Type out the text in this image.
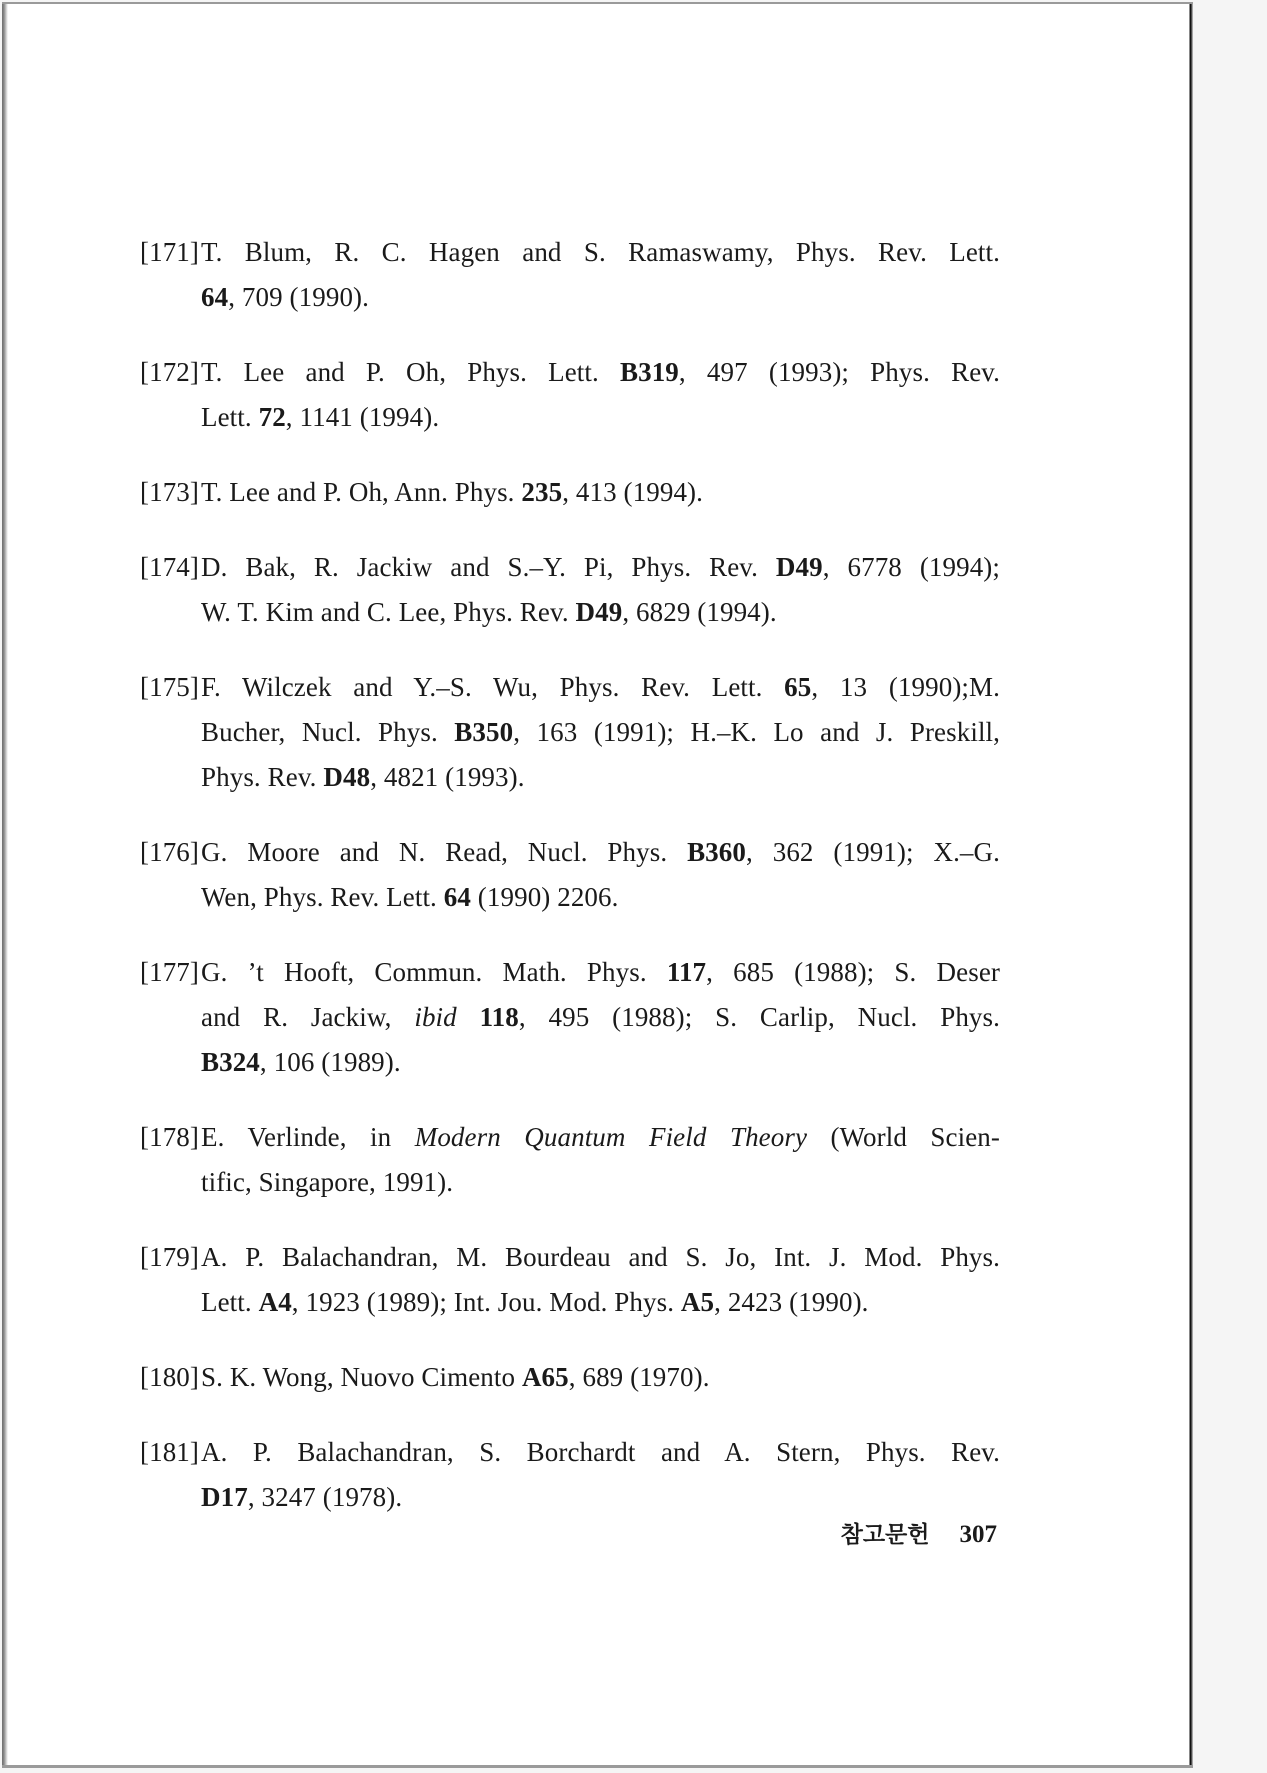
[171]T. Blum, R. C. Hagen and S. Ramaswamy, Phys. Rev. Lett.
64, 709 (1990).
[172]T. Lee and P. Oh, Phys. Lett. B319, 497 (1993); Phys. Rev.
Lett. 72, 1141 (1994).
[173]T. Lee and P. Oh, Ann. Phys. 235, 413 (1994).
[174]D. Bak, R. Jackiw and S.–Y. Pi, Phys. Rev. D49, 6778 (1994);
W. T. Kim and C. Lee, Phys. Rev. D49, 6829 (1994).
[175]F. Wilczek and Y.–S. Wu, Phys. Rev. Lett. 65, 13 (1990);M.
Bucher, Nucl. Phys. B350, 163 (1991); H.–K. Lo and J. Preskill,
Phys. Rev. D48, 4821 (1993).
[176]G. Moore and N. Read, Nucl. Phys. B360, 362 (1991); X.–G.
Wen, Phys. Rev. Lett. 64 (1990) 2206.
[177]G. ’t Hooft, Commun. Math. Phys. 117, 685 (1988); S. Deser
and R. Jackiw, ibid 118, 495 (1988); S. Carlip, Nucl. Phys.
B324, 106 (1989).
[178]E. Verlinde, in Modern Quantum Field Theory (World Scien-
tific, Singapore, 1991).
[179]A. P. Balachandran, M. Bourdeau and S. Jo, Int. J. Mod. Phys.
Lett. A4, 1923 (1989); Int. Jou. Mod. Phys. A5, 2423 (1990).
[180]S. K. Wong, Nuovo Cimento A65, 689 (1970).
[181]A. P. Balachandran, S. Borchardt and A. Stern, Phys. Rev.
D17, 3247 (1978).
참고문헌 307
